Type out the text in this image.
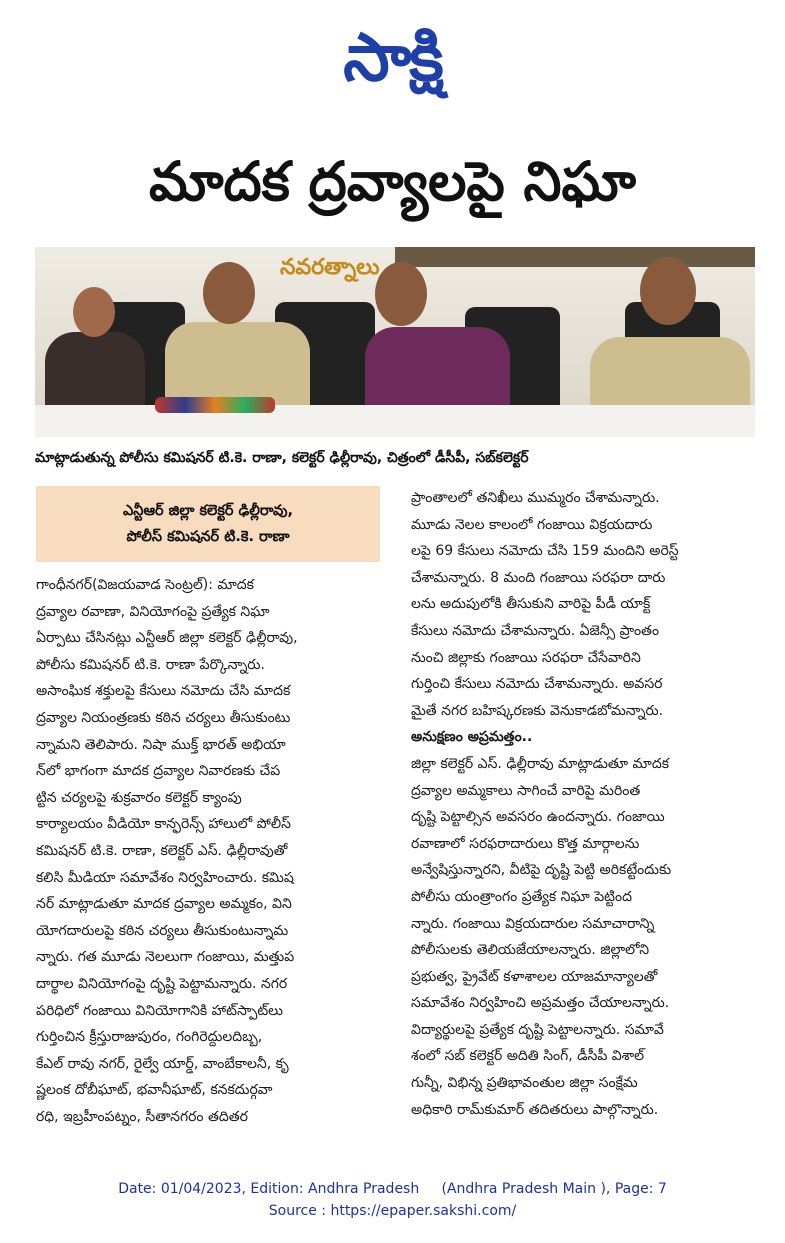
సాక్షి
మాదక ద్రవ్యాలపై నిఘా
నవరత్నాలు
మాట్లాడుతున్న పోలీసు కమిషనర్ టి.కె. రాణా, కలెక్టర్ ఢిల్లీరావు, చిత్రంలో డీసీపీ, సబ్‌కలెక్టర్
ఎన్టీఆర్ జిల్లా కలెక్టర్ ఢిల్లీరావు,
పోలీస్ కమిషనర్ టి.కె. రాణా

గాంధీనగర్(విజయవాడ సెంట్రల్): మాదక

ద్రవ్యాల రవాణా, వినియోగంపై ప్రత్యేక నిఘా

ఏర్పాటు చేసినట్లు ఎన్టీఆర్ జిల్లా కలెక్టర్ ఢిల్లీరావు,

పోలీసు కమిషనర్ టి.కె. రాణా పేర్కొన్నారు.

అసాంఘిక శక్తులపై కేసులు నమోదు చేసి మాదక

ద్రవ్యాల నియంత్రణకు కఠిన చర్యలు తీసుకుంటు

న్నామని తెలిపారు. నిషా ముక్త్ భారత్ అభియా

న్‌లో భాగంగా మాదక ద్రవ్యాల నివారణకు చేప

ట్టిన చర్యలపై శుక్రవారం కలెక్టర్ క్యాంపు

కార్యాలయం వీడియో కాన్ఫరెన్స్ హాలులో పోలీస్

కమిషనర్ టి.కె. రాణా, కలెక్టర్ ఎస్. ఢిల్లీరావుతో

కలిసి మీడియా సమావేశం నిర్వహించారు. కమిష

నర్ మాట్లాడుతూ మాదక ద్రవ్యాల అమ్మకం, విని

యోగదారులపై కఠిన చర్యలు తీసుకుంటున్నామ

న్నారు. గత మూడు నెలలుగా గంజాయి, మత్తుప

దార్థాల వినియోగంపై దృష్టి పెట్టామన్నారు. నగర

పరిధిలో గంజాయి వినియోగానికి హాట్‌స్పాట్‌లు

గుర్తించిన క్రీస్తురాజుపురం, గంగిరెద్దులదిబ్బ,

కేఎల్ రావు నగర్, రైల్వే యార్డ్, వాంబేకాలనీ, కృ

ష్ణలంక దోబీఘాట్, భవానీఘాట్, కనకదుర్గవా

రధి, ఇబ్రహీంపట్నం, సీతానగరం తదితర

ప్రాంతాలలో తనిఖీలు ముమ్మరం చేశామన్నారు.

మూడు నెలల కాలంలో గంజాయి విక్రయదారు

లపై 69 కేసులు నమోదు చేసి 159 మందిని అరెస్ట్

చేశామన్నారు. 8 మంది గంజాయి సరఫరా దారు

లను అదుపులోకి తీసుకుని వారిపై పీడీ యాక్ట్

కేసులు నమోదు చేశామన్నారు. ఏజెన్సీ ప్రాంతం

నుంచి జిల్లాకు గంజాయి సరఫరా చేసేవారిని

గుర్తించి కేసులు నమోదు చేశామన్నారు. అవసర

మైతే నగర బహిష్కరణకు వెనుకాడబోమన్నారు.

అనుక్షణం అప్రమత్తం..

జిల్లా కలెక్టర్ ఎస్. ఢిల్లీరావు మాట్లాడుతూ మాదక

ద్రవ్యాల అమ్మకాలు సాగించే వారిపై మరింత

దృష్టి పెట్టాల్సిన అవసరం ఉందన్నారు. గంజాయి

రవాణాలో సరఫరాదారులు కొత్త మార్గాలను

అన్వేషిస్తున్నారని, వీటిపై దృష్టి పెట్టి అరికట్టేందుకు

పోలీసు యంత్రాంగం ప్రత్యేక నిఘా పెట్టింద

న్నారు. గంజాయి విక్రయదారుల సమాచారాన్ని

పోలీసులకు తెలియజేయాలన్నారు. జిల్లాలోని

ప్రభుత్వ, ప్రైవేట్ కళాశాలల యాజమాన్యాలతో

సమావేశం నిర్వహించి అప్రమత్తం చేయాలన్నారు.

విద్యార్థులపై ప్రత్యేక దృష్టి పెట్టాలన్నారు. సమావే

శంలో సబ్ కలెక్టర్ అదితి సింగ్, డీసీపీ విశాల్

గున్నీ, విభిన్న ప్రతిభావంతుల జిల్లా సంక్షేమ

అధికారి రామ్‌కుమార్ తదితరులు పాల్గొన్నారు.

Date: 01/04/2023, Edition: Andhra Pradesh     (Andhra Pradesh Main ), Page: 7
Source : https://epaper.sakshi.com/
